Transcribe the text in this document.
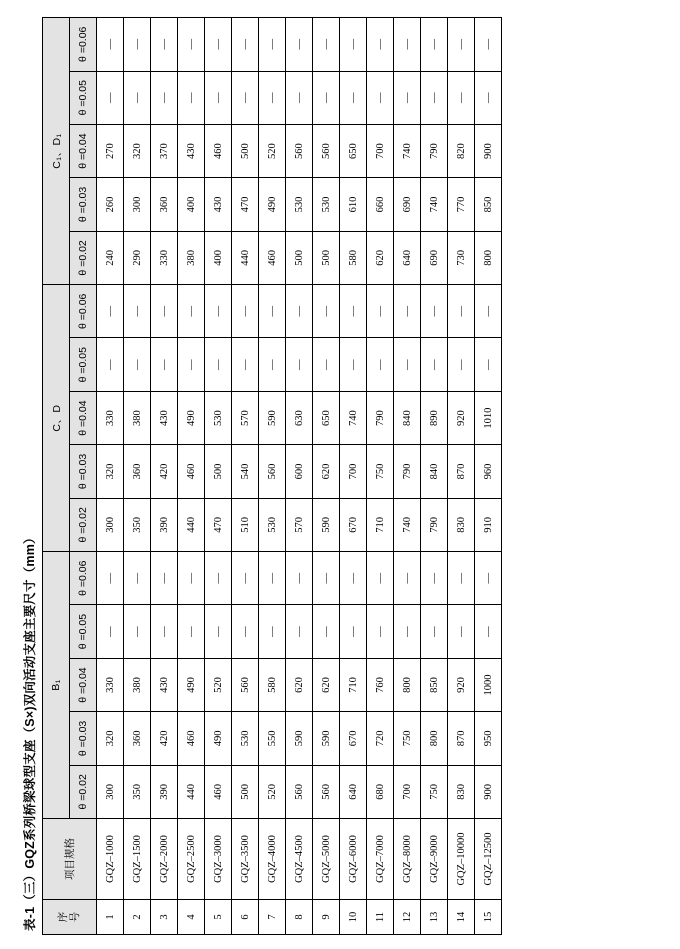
表-1（三）GQZ系列桥梁球型支座（S×)双向活动支座主要尺寸（mm） 序 号	项目规格	B₁					C、D					C₁、D₁				
		θ =0.02	θ =0.03	θ =0.04	θ =0.05	θ =0.06	θ =0.02	θ =0.03	θ =0.04	θ =0.05	θ =0.06	θ =0.02	θ =0.03	θ =0.04	θ =0.05	θ =0.06
1	GQZ–1000	300	320	330	—	—	300	320	330	—	—	240	260	270	—	—
2	GQZ–1500	350	360	380	—	—	350	360	380	—	—	290	300	320	—	—
3	GQZ–2000	390	420	430	—	—	390	420	430	—	—	330	360	370	—	—
4	GQZ–2500	440	460	490	—	—	440	460	490	—	—	380	400	430	—	—
5	GQZ–3000	460	490	520	—	—	470	500	530	—	—	400	430	460	—	—
6	GQZ–3500	500	530	560	—	—	510	540	570	—	—	440	470	500	—	—
7	GQZ–4000	520	550	580	—	—	530	560	590	—	—	460	490	520	—	—
8	GQZ–4500	560	590	620	—	—	570	600	630	—	—	500	530	560	—	—
9	GQZ–5000	560	590	620	—	—	590	620	650	—	—	500	530	560	—	—
10	GQZ–6000	640	670	710	—	—	670	700	740	—	—	580	610	650	—	—
11	GQZ–7000	680	720	760	—	—	710	750	790	—	—	620	660	700	—	—
12	GQZ–8000	700	750	800	—	—	740	790	840	—	—	640	690	740	—	—
13	GQZ–9000	750	800	850	—	—	790	840	890	—	—	690	740	790	—	—
14	GQZ–10000	830	870	920	—	—	830	870	920	—	—	730	770	820	—	—
15	GQZ–12500	900	950	1000	—	—	910	960	1010	—	—	800	850	900	—	—
